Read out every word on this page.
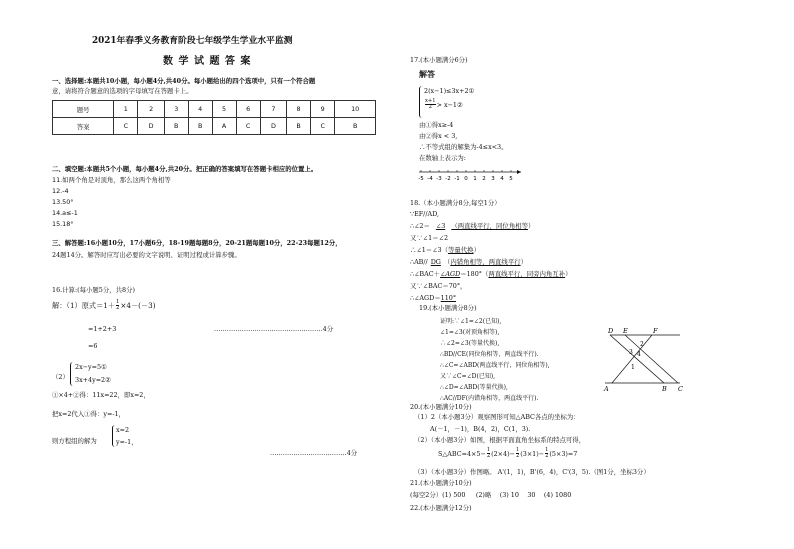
2021年春季义务教育阶段七年级学生学业水平监测
数 学 试 题 答 案
一、选择题:本题共10小题，每小题4分,共40分。每小题给出的四个选项中，只有一个符合题
意，请将符合题意的选项的字母填写在答题卡上。
题号	1	2	3	4	5	6	7	8	9	10
答案	C	D	B	B	A	C	D	B	C	B
二、填空题:本题共5个小题，每小题4分,共20分。把正确的答案填写在答题卡相应的位置上。
11.如两个角是对顶角，那么这两个角相等
12.-4
13.50°
14.a≤-1
15.18°
三、解答题:16小题10分，17小题6分，18-19题每题8分，20-21题每题10分，22-23每题12分，
24题14分。解答时应写出必要的文字说明、证明过程或计算步骤。
16.计算:(每小题5分，共8分)
解：（1）原式$=1+ \frac{1}{2} \times 4-(-3)$
=1+2+3	……………………………………………4分
=6
（2）
2x−y=5①
3x+4y=2②
①×4+②得：11x=22，即x=2，
把x=2代入①得：y=-1，
则方程组的解为
x=2
y=-1，
………………………………4分
17.(本小题满分6分)
解答
2(x−1)≤3x+2①
$\frac{x+1}{2}$ > x−1②
由①得x≥-4
由②得x < 3,
∴不等式组的解集为-4≤x<3。
在数轴上表示为:
-5 -4 -3 -2 -1 0 1 2 3 4 5
18.（本小题满分8分,每空1分）
∵EF//AD,
∴∠2＝ ∠3 （两直线平行，同位角相等）
又∵∠1＝∠2
∴∠1＝∠3（等量代换）
∴AB// DG （内错角相等，两直线平行）
∴∠BAC＋∠AGD＝180°（两直线平行，同旁内角互补）
又∵∠BAC＝70°，
∴∠AGD＝110°
19.(本小题满分8分)
证明:∵∠1=∠2(已知),
∠1=∠3(对顶角相等),
∴∠2=∠3(等量代换),
∴BD//CE(同位角相等，两直线平行).
∴∠C=∠ABD(两直线平行，同位角相等),
又∵∠C=∠D(已知),
∴∠D=∠ABD(等量代换),
∴AC//DF(内错角相等，两直线平行).
D E	F
A	B C
1
2
3 4
20.(本小题满分10分)
（1）2（本小题3分）观察图形可知△ABC各点的坐标为：
A(－1，－1)，B(4，2)，C(1，3).
（2）（本小题3分）如图，根据平面直角坐标系的特点可得，
S△ABC=4×5− $\frac{1}{2} (2\times 4)- \frac{1}{2} (3\times 1)- \frac{1}{2} (5\times 3)=7$
（3）（本小题3分）作图略。 A'(1，1)，B'(6，4)，C'(3，5).（图1分，坐标3分）
21.(本小题满分10分)
(每空2分）(1) 500 　 (2)略 　(3) 10 　30 　(4) 1080
22.(本小题满分12分)
